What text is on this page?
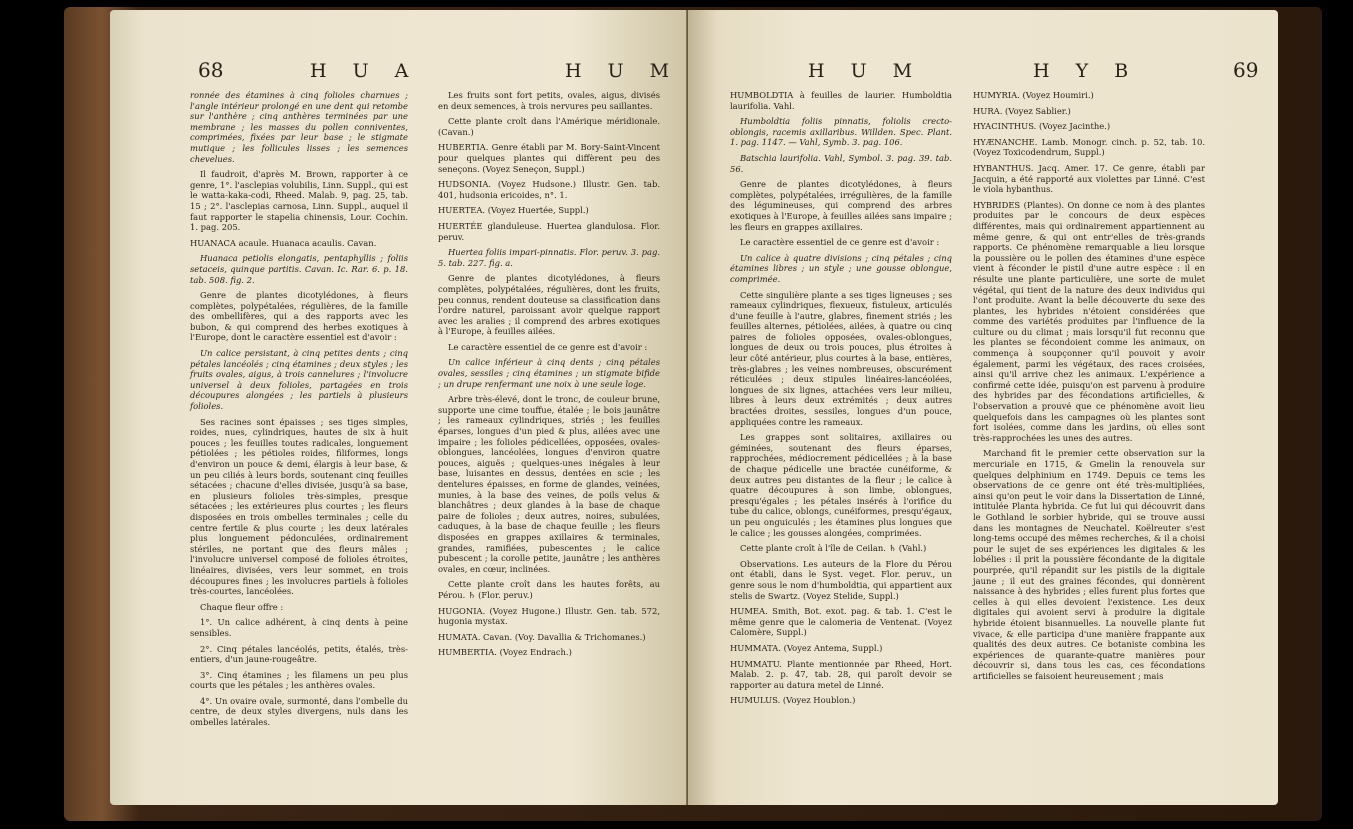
68	H U A	H U M

ronnée des étamines à cinq folioles charnues ; l'angle intérieur prolongé en une dent qui retombe sur l'anthère ; cinq anthères terminées par une membrane ; les masses du pollen conniventes, comprimées, fixées par leur base ; le stigmate mutique ; les follicules lisses ; les semences chevelues.

Il faudroit, d'après M. Brown, rapporter à ce genre, 1°. l'asclepias volubilis, Linn. Suppl., qui est le watta-kaka-codi, Rheed. Malab. 9, pag. 25, tab. 15 ; 2°. l'asclepias carnosa, Linn. Suppl., auquel il faut rapporter le stapelia chinensis, Lour. Cochin. 1. pag. 205.

HUANACA acaule. Huanaca acaulis. Cavan.

Huanaca petiolis elongatis, pentaphyllis ; foliis setaceis, quinque partitis. Cavan. Ic. Rar. 6. p. 18. tab. 508. fig. 2.

Genre de plantes dicotylédones, à fleurs complètes, polypétalées, régulières, de la famille des ombellifères, qui a des rapports avec les bubon, & qui comprend des herbes exotiques à l'Europe, dont le caractère essentiel est d'avoir :

Un calice persistant, à cinq petites dents ; cinq pétales lancéolés ; cinq étamines ; deux styles ; les fruits ovales, aigus, à trois cannelures ; l'involucre universel à deux folioles, partagées en trois découpures alongées ; les partiels à plusieurs folioles.

Ses racines sont épaisses ; ses tiges simples, roides, nues, cylindriques, hautes de six à huit pouces ; les feuilles toutes radicales, longuement pétiolées ; les pétioles roides, filiformes, longs d'environ un pouce & demi, élargis à leur base, & un peu ciliés à leurs bords, soutenant cinq feuilles sétacées ; chacune d'elles divisée, jusqu'à sa base, en plusieurs folioles très-simples, presque sétacées ; les extérieures plus courtes ; les fleurs disposées en trois ombelles terminales ; celle du centre fertile & plus courte ; les deux latérales plus longuement pédonculées, ordinairement stériles, ne portant que des fleurs mâles ; l'involucre universel composé de folioles étroites, linéaires, divisées, vers leur sommet, en trois découpures fines ; les involucres partiels à folioles très-courtes, lancéolées.

Chaque fleur offre :

1°. Un calice adhérent, à cinq dents à peine sensibles.

2°. Cinq pétales lancéolés, petits, étalés, très-entiers, d'un jaune-rougeâtre.

3°. Cinq étamines ; les filamens un peu plus courts que les pétales ; les anthères ovales.

4°. Un ovaire ovale, surmonté, dans l'ombelle du centre, de deux styles divergens, nuls dans les ombelles latérales.

Les fruits sont fort petits, ovales, aigus, divisés en deux semences, à trois nervures peu saillantes.

Cette plante croît dans l'Amérique méridionale. (Cavan.)

HUBERTIA. Genre établi par M. Bory-Saint-Vincent pour quelques plantes qui diffèrent peu des seneçons. (Voyez Seneçon, Suppl.)

HUDSONIA. (Voyez Hudsone.) Illustr. Gen. tab. 401, hudsonia ericoides, n°. 1.

HUERTEA. (Voyez Huertée, Suppl.)

HUERTÉE glanduleuse. Huertea glandulosa. Flor. peruv.

Huertea foliis impari-pinnatis. Flor. peruv. 3. pag. 5. tab. 227. fig. a.

Genre de plantes dicotylédones, à fleurs complètes, polypétalées, régulières, dont les fruits, peu connus, rendent douteuse sa classification dans l'ordre naturel, paroissant avoir quelque rapport avec les aralies ; il comprend des arbres exotiques à l'Europe, à feuilles ailées.

Le caractère essentiel de ce genre est d'avoir :

Un calice inférieur à cinq dents ; cinq pétales ovales, sessiles ; cinq étamines ; un stigmate bifide ; un drupe renfermant une noix à une seule loge.

Arbre très-élevé, dont le tronc, de couleur brune, supporte une cime touffue, étalée ; le bois jaunâtre ; les rameaux cylindriques, striés ; les feuilles éparses, longues d'un pied & plus, ailées avec une impaire ; les folioles pédicellées, opposées, ovales-oblongues, lancéolées, longues d'environ quatre pouces, aiguës ; quelques-unes inégales à leur base, luisantes en dessus, dentées en scie ; les dentelures épaisses, en forme de glandes, veinées, munies, à la base des veines, de poils velus & blanchâtres ; deux glandes à la base de chaque paire de folioles ; deux autres, noires, subulées, caduques, à la base de chaque feuille ; les fleurs disposées en grappes axillaires & terminales, grandes, ramifiées, pubescentes ; le calice pubescent ; la corolle petite, jaunâtre ; les anthères ovales, en cœur, inclinées.

Cette plante croît dans les hautes forêts, au Pérou. ♄ (Flor. peruv.)

HUGONIA. (Voyez Hugone.) Illustr. Gen. tab. 572, hugonia mystax.

HUMATA. Cavan. (Voy. Davallia & Trichomanes.)

HUMBERTIA. (Voyez Endrach.)

H U M	H Y B	69

HUMBOLDTIA à feuilles de laurier. Humboldtia laurifolia. Vahl.

Humboldtia foliis pinnatis, foliolis crecto-oblongis, racemis axillaribus. Willden. Spec. Plant. 1. pag. 1147. — Vahl, Symb. 3. pag. 106.

Batschia laurifolia. Vahl, Symbol. 3. pag. 39. tab. 56.

Genre de plantes dicotylédones, à fleurs complètes, polypétalées, irrégulières, de la famille des légumineuses, qui comprend des arbres exotiques à l'Europe, à feuilles ailées sans impaire ; les fleurs en grappes axillaires.

Le caractère essentiel de ce genre est d'avoir :

Un calice à quatre divisions ; cinq pétales ; cinq étamines libres ; un style ; une gousse oblongue, comprimée.

Cette singulière plante a ses tiges ligneuses ; ses rameaux cylindriques, flexueux, fistuleux, articulés d'une feuille à l'autre, glabres, finement striés ; les feuilles alternes, pétiolées, ailées, à quatre ou cinq paires de folioles opposées, ovales-oblongues, longues de deux ou trois pouces, plus étroites à leur côté antérieur, plus courtes à la base, entières, très-glabres ; les veines nombreuses, obscurément réticulées ; deux stipules linéaires-lancéolées, longues de six lignes, attachées vers leur milieu, libres à leurs deux extrémités ; deux autres bractées droites, sessiles, longues d'un pouce, appliquées contre les rameaux.

Les grappes sont solitaires, axillaires ou géminées, soutenant des fleurs éparses, rapprochées, médiocrement pédicellées ; à la base de chaque pédicelle une bractée cunéiforme, & deux autres peu distantes de la fleur ; le calice à quatre découpures à son limbe, oblongues, presqu'égales ; les pétales insérés à l'orifice du tube du calice, oblongs, cunéiformes, presqu'égaux, un peu onguiculés ; les étamines plus longues que le calice ; les gousses alongées, comprimées.

Cette plante croît à l'île de Ceilan. ♄ (Vahl.)

Observations. Les auteurs de la Flore du Pérou ont établi, dans le Syst. veget. Flor. peruv., un genre sous le nom d'humboldtia, qui appartient aux stelis de Swartz. (Voyez Stelide, Suppl.)

HUMEA. Smith, Bot. exot. pag. & tab. 1. C'est le même genre que le calomeria de Ventenat. (Voyez Calomère, Suppl.)

HUMMATA. (Voyez Antema, Suppl.)

HUMMATU. Plante mentionnée par Rheed, Hort. Malab. 2. p. 47, tab. 28, qui paroît devoir se rapporter au datura metel de Linné.

HUMULUS. (Voyez Houblon.)

HUMYRIA. (Voyez Houmiri.)

HURA. (Voyez Sablier.)

HYACINTHUS. (Voyez Jacinthe.)

HYÆNANCHE. Lamb. Monogr. cinch. p. 52, tab. 10. (Voyez Toxicodendrum, Suppl.)

HYBANTHUS. Jacq. Amer. 17. Ce genre, établi par Jacquin, a été rapporté aux violettes par Linné. C'est le viola hybanthus.

HYBRIDES (Plantes). On donne ce nom à des plantes produites par le concours de deux espèces différentes, mais qui ordinairement appartiennent au même genre, & qui ont entr'elles de très-grands rapports. Ce phénomène remarquable a lieu lorsque la poussière ou le pollen des étamines d'une espèce vient à féconder le pistil d'une autre espèce : il en résulte une plante particulière, une sorte de mulet végétal, qui tient de la nature des deux individus qui l'ont produite. Avant la belle découverte du sexe des plantes, les hybrides n'étoient considérées que comme des variétés produites par l'influence de la culture ou du climat ; mais lorsqu'il fut reconnu que les plantes se fécondoient comme les animaux, on commença à soupçonner qu'il pouvoit y avoir également, parmi les végétaux, des races croisées, ainsi qu'il arrive chez les animaux. L'expérience a confirmé cette idée, puisqu'on est parvenu à produire des hybrides par des fécondations artificielles, & l'observation a prouvé que ce phénomène avoit lieu quelquefois dans les campagnes où les plantes sont fort isolées, comme dans les jardins, où elles sont très-rapprochées les unes des autres.

Marchand fit le premier cette observation sur la mercuriale en 1715, & Gmelin la renouvela sur quelques delphinium en 1749. Depuis ce tems les observations de ce genre ont été très-multipliées, ainsi qu'on peut le voir dans la Dissertation de Linné, intitulée Planta hybrida. Ce fut lui qui découvrit dans le Gothland le sorbier hybride, qui se trouve aussi dans les montagnes de Neuchatel. Koëlreuter s'est long-tems occupé des mêmes recherches, & il a choisi pour le sujet de ses expériences les digitales & les lobélies : il prit la poussière fécondante de la digitale pourprée, qu'il répandit sur les pistils de la digitale jaune ; il eut des graines fécondes, qui donnèrent naissance à des hybrides ; elles furent plus fortes que celles à qui elles devoient l'existence. Les deux digitales qui avoient servi à produire la digitale hybride étoient bisannuelles. La nouvelle plante fut vivace, & elle participa d'une manière frappante aux qualités des deux autres. Ce botaniste combina les expériences de quarante-quatre manières pour découvrir si, dans tous les cas, ces fécondations artificielles se faisoient heureusement ; mais
